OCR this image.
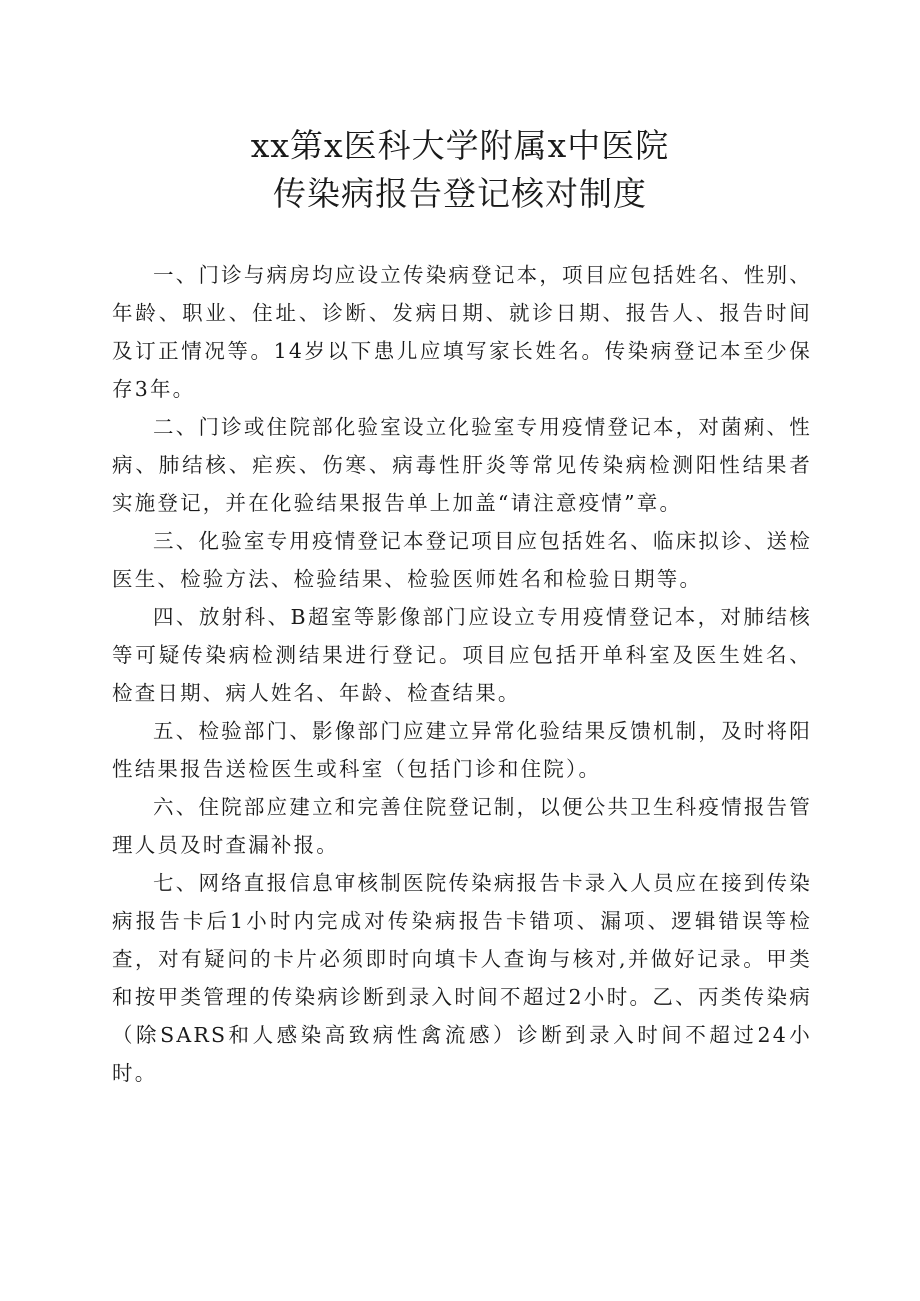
xx第x医科大学附属x中医院
传染病报告登记核对制度

一、门诊与病房均应设立传染病登记本，项目应包括姓名、性别、年龄、职业、住址、诊断、发病日期、就诊日期、报告人、报告时间及订正情况等。14岁以下患儿应填写家长姓名。传染病登记本至少保存3年。

二、门诊或住院部化验室设立化验室专用疫情登记本，对菌痢、性病、肺结核、疟疾、伤寒、病毒性肝炎等常见传染病检测阳性结果者实施登记，并在化验结果报告单上加盖“请注意疫情”章。

三、化验室专用疫情登记本登记项目应包括姓名、临床拟诊、送检医生、检验方法、检验结果、检验医师姓名和检验日期等。

四、放射科、B超室等影像部门应设立专用疫情登记本，对肺结核等可疑传染病检测结果进行登记。项目应包括开单科室及医生姓名、检查日期、病人姓名、年龄、检查结果。

五、检验部门、影像部门应建立异常化验结果反馈机制，及时将阳性结果报告送检医生或科室（包括门诊和住院）。

六、住院部应建立和完善住院登记制，以便公共卫生科疫情报告管理人员及时查漏补报。

七、网络直报信息审核制医院传染病报告卡录入人员应在接到传染病报告卡后1小时内完成对传染病报告卡错项、漏项、逻辑错误等检查，对有疑问的卡片必须即时向填卡人查询与核对,并做好记录。甲类和按甲类管理的传染病诊断到录入时间不超过2小时。乙、丙类传染病（除SARS和人感染高致病性禽流感）诊断到录入时间不超过24小时。
